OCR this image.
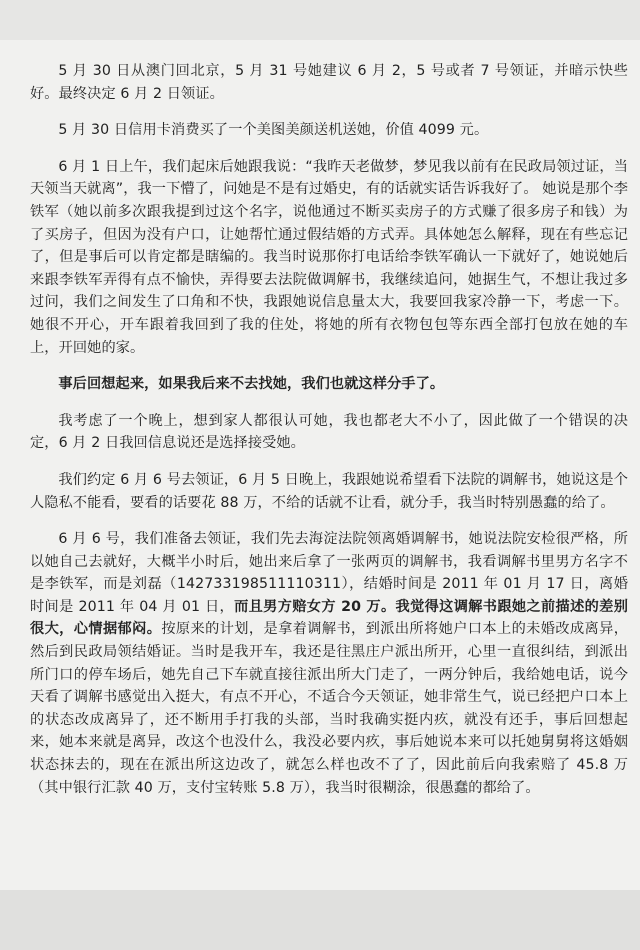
5 月 30 日从澳门回北京，5 月 31 号她建议 6 月 2，5 号或者 7 号领证，并暗示快些好。最终决定 6 月 2 日领证。

5 月 30 日信用卡消费买了一个美图美颜送机送她，价值 4099 元。

6 月 1 日上午，我们起床后她跟我说：“我昨天老做梦，梦见我以前有在民政局领过证，当天领当天就离”，我一下懵了，问她是不是有过婚史，有的话就实话告诉我好了。 她说是那个李铁军（她以前多次跟我提到过这个名字，说他通过不断买卖房子的方式赚了很多房子和钱）为了买房子，但因为没有户口，让她帮忙通过假结婚的方式弄。具体她怎么解释，现在有些忘记了，但是事后可以肯定都是瞎编的。我当时说那你打电话给李铁军确认一下就好了，她说她后来跟李铁军弄得有点不愉快，弄得要去法院做调解书，我继续追问，她据生气，不想让我过多过问，我们之间发生了口角和不快，我跟她说信息量太大，我要回我家冷静一下，考虑一下。她很不开心，开车跟着我回到了我的住处，将她的所有衣物包包等东西全部打包放在她的车上，开回她的家。

事后回想起来，如果我后来不去找她，我们也就这样分手了。

我考虑了一个晚上，想到家人都很认可她，我也都老大不小了，因此做了一个错误的决定，6 月 2 日我回信息说还是选择接受她。

我们约定 6 月 6 号去领证，6 月 5 日晚上，我跟她说希望看下法院的调解书，她说这是个人隐私不能看，要看的话要花 88 万，不给的话就不让看，就分手，我当时特别愚蠢的给了。

6 月 6 号，我们准备去领证，我们先去海淀法院领离婚调解书，她说法院安检很严格，所以她自己去就好，大概半小时后，她出来后拿了一张两页的调解书，我看调解书里男方名字不是李铁军，而是刘磊（142733198511110311），结婚时间是 2011 年 01 月 17 日，离婚时间是 2011 年 04 月 01 日，而且男方赔女方 20 万。我觉得这调解书跟她之前描述的差别很大，心情据郁闷。按原来的计划，是拿着调解书，到派出所将她户口本上的未婚改成离异，然后到民政局领结婚证。当时是我开车，我还是往黑庄户派出所开，心里一直很纠结，到派出所门口的停车场后，她先自己下车就直接往派出所大门走了，一两分钟后，我给她电话，说今天看了调解书感觉出入挺大，有点不开心，不适合今天领证，她非常生气，说已经把户口本上的状态改成离异了，还不断用手打我的头部，当时我确实挺内疚，就没有还手，事后回想起来，她本来就是离异，改这个也没什么，我没必要内疚，事后她说本来可以托她舅舅将这婚姻状态抹去的，现在在派出所这边改了，就怎么样也改不了了，因此前后向我索赔了 45.8 万（其中银行汇款 40 万，支付宝转账 5.8 万），我当时很糊涂，很愚蠢的都给了。
